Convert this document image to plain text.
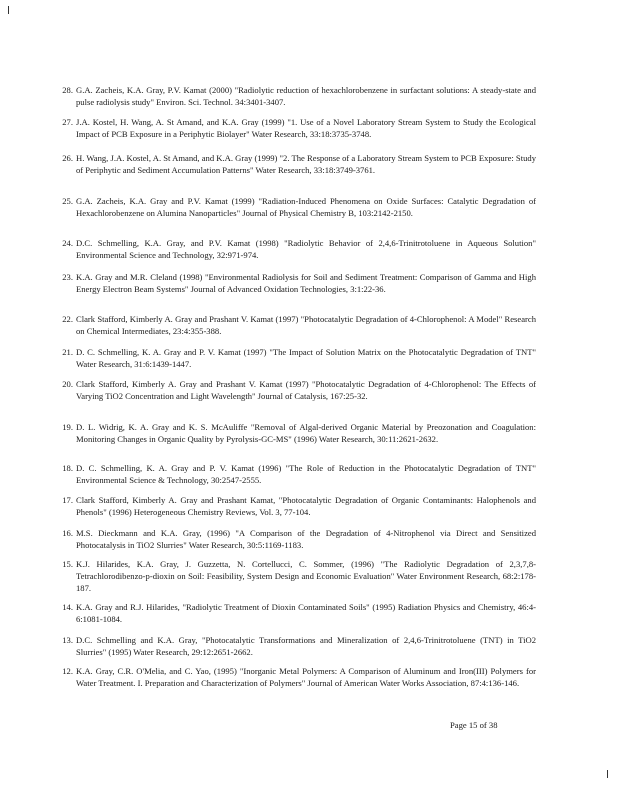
28. G.A. Zacheis, K.A. Gray, P.V. Kamat (2000) "Radiolytic reduction of hexachlorobenzene in surfactant solutions: A steady-state and pulse radiolysis study" Environ. Sci. Technol. 34:3401-3407.
27. J.A. Kostel, H. Wang, A. St Amand, and K.A. Gray (1999) "1. Use of a Novel Laboratory Stream System to Study the Ecological Impact of PCB Exposure in a Periphytic Biolayer" Water Research, 33:18:3735-3748.
26. H. Wang, J.A. Kostel, A. St Amand, and K.A. Gray (1999) "2. The Response of a Laboratory Stream System to PCB Exposure: Study of Periphytic and Sediment Accumulation Patterns" Water Research, 33:18:3749-3761.
25. G.A. Zacheis, K.A. Gray and P.V. Kamat (1999) "Radiation-Induced Phenomena on Oxide Surfaces: Catalytic Degradation of Hexachlorobenzene on Alumina Nanoparticles" Journal of Physical Chemistry B, 103:2142-2150.
24. D.C. Schmelling, K.A. Gray, and P.V. Kamat (1998) "Radiolytic Behavior of 2,4,6-Trinitrotoluene in Aqueous Solution" Environmental Science and Technology, 32:971-974.
23. K.A. Gray and M.R. Cleland (1998) "Environmental Radiolysis for Soil and Sediment Treatment: Comparison of Gamma and High Energy Electron Beam Systems" Journal of Advanced Oxidation Technologies, 3:1:22-36.
22. Clark Stafford, Kimberly A. Gray and Prashant V. Kamat (1997) "Photocatalytic Degradation of 4-Chlorophenol: A Model" Research on Chemical Intermediates, 23:4:355-388.
21. D. C. Schmelling, K. A. Gray and P. V. Kamat (1997) "The Impact of Solution Matrix on the Photocatalytic Degradation of TNT" Water Research, 31:6:1439-1447.
20. Clark Stafford, Kimberly A. Gray and Prashant V. Kamat (1997) "Photocatalytic Degradation of 4-Chlorophenol: The Effects of Varying TiO2 Concentration and Light Wavelength" Journal of Catalysis, 167:25-32.
19. D. L. Widrig, K. A. Gray and K. S. McAuliffe "Removal of Algal-derived Organic Material by Preozonation and Coagulation: Monitoring Changes in Organic Quality by Pyrolysis-GC-MS" (1996) Water Research, 30:11:2621-2632.
18. D. C. Schmelling, K. A. Gray and P. V. Kamat (1996) "The Role of Reduction in the Photocatalytic Degradation of TNT" Environmental Science & Technology, 30:2547-2555.
17. Clark Stafford, Kimberly A. Gray and Prashant Kamat, "Photocatalytic Degradation of Organic Contaminants: Halophenols and Phenols" (1996) Heterogeneous Chemistry Reviews, Vol. 3, 77-104.
16. M.S. Dieckmann and K.A. Gray, (1996) "A Comparison of the Degradation of 4-Nitrophenol via Direct and Sensitized Photocatalysis in TiO2 Slurries" Water Research, 30:5:1169-1183.
15. K.J. Hilarides, K.A. Gray, J. Guzzetta, N. Cortellucci, C. Sommer, (1996) "The Radiolytic Degradation of 2,3,7,8-Tetrachlorodibenzo-p-dioxin on Soil: Feasibility, System Design and Economic Evaluation" Water Environment Research, 68:2:178-187.
14. K.A. Gray and R.J. Hilarides, "Radiolytic Treatment of Dioxin Contaminated Soils" (1995) Radiation Physics and Chemistry, 46:4-6:1081-1084.
13. D.C. Schmelling and K.A. Gray, "Photocatalytic Transformations and Mineralization of 2,4,6-Trinitrotoluene (TNT) in TiO2 Slurries" (1995) Water Research, 29:12:2651-2662.
12. K.A. Gray, C.R. O'Melia, and C. Yao, (1995) "Inorganic Metal Polymers: A Comparison of Aluminum and Iron(III) Polymers for Water Treatment. I. Preparation and Characterization of Polymers" Journal of American Water Works Association, 87:4:136-146.
Page 15 of 38
